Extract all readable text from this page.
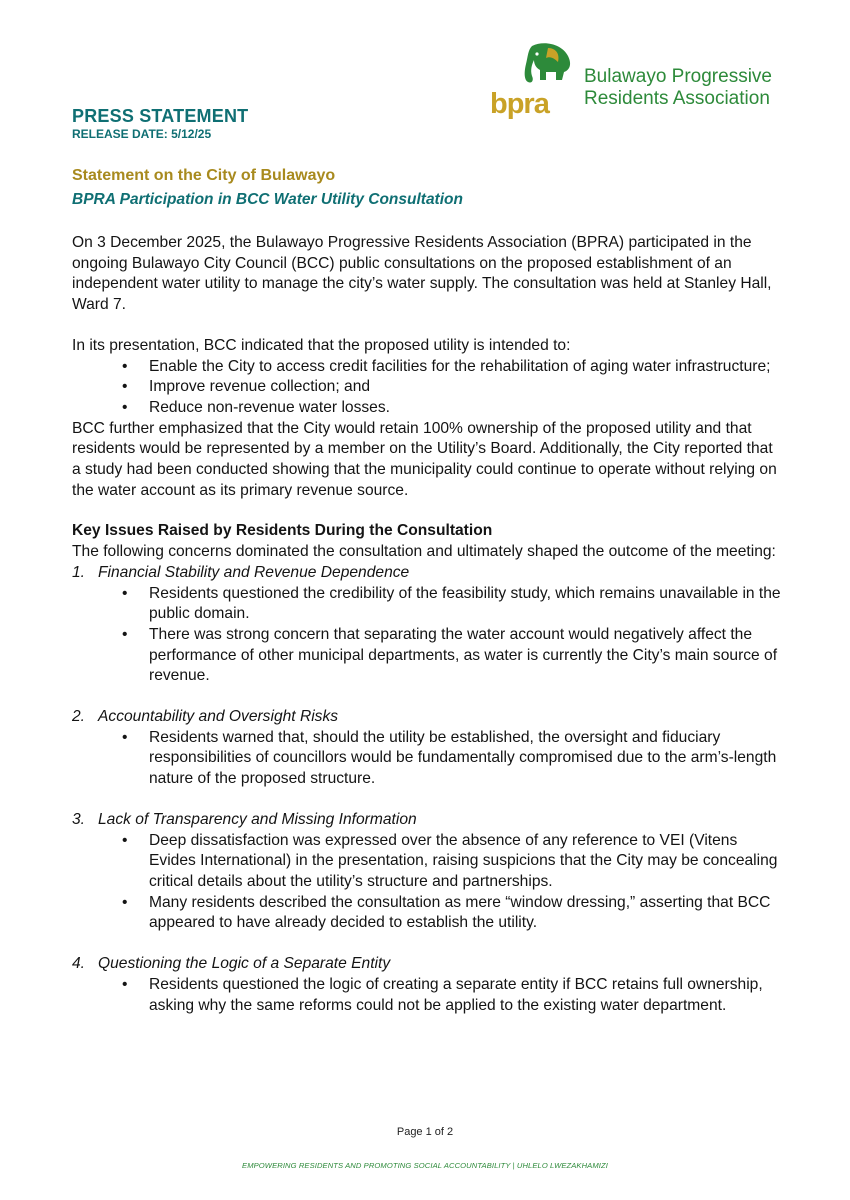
bpra
Bulawayo Progressive
Residents Association
PRESS STATEMENT
RELEASE DATE: 5/12/25
Statement on the City of Bulawayo
BPRA Participation in BCC Water Utility Consultation

On 3 December 2025, the Bulawayo Progressive Residents Association (BPRA) participated in the ongoing Bulawayo City Council (BCC) public consultations on the proposed establishment of an independent water utility to manage the city’s water supply. The consultation was held at Stanley Hall, Ward 7.

In its presentation, BCC indicated that the proposed utility is intended to:

• Enable the City to access credit facilities for the rehabilitation of aging water infrastructure;
• Improve revenue collection; and
• Reduce non-revenue water losses.

BCC further emphasized that the City would retain 100% ownership of the proposed utility and that residents would be represented by a member on the Utility’s Board. Additionally, the City reported that a study had been conducted showing that the municipality could continue to operate without relying on the water account as its primary revenue source.

Key Issues Raised by Residents During the Consultation

The following concerns dominated the consultation and ultimately shaped the outcome of the meeting:

1. Financial Stability and Revenue Dependence

• Residents questioned the credibility of the feasibility study, which remains unavailable in the public domain.
• There was strong concern that separating the water account would negatively affect the performance of other municipal departments, as water is currently the City’s main source of revenue.

2. Accountability and Oversight Risks

• Residents warned that, should the utility be established, the oversight and fiduciary responsibilities of councillors would be fundamentally compromised due to the arm’s-length nature of the proposed structure.

3. Lack of Transparency and Missing Information

• Deep dissatisfaction was expressed over the absence of any reference to VEI (Vitens Evides International) in the presentation, raising suspicions that the City may be concealing critical details about the utility’s structure and partnerships.
• Many residents described the consultation as mere “window dressing,” asserting that BCC appeared to have already decided to establish the utility.

4. Questioning the Logic of a Separate Entity

• Residents questioned the logic of creating a separate entity if BCC retains full ownership, asking why the same reforms could not be applied to the existing water department.
Page 1 of 2
EMPOWERING RESIDENTS AND PROMOTING SOCIAL ACCOUNTABILITY | UHLELO LWEZAKHAMIZI
